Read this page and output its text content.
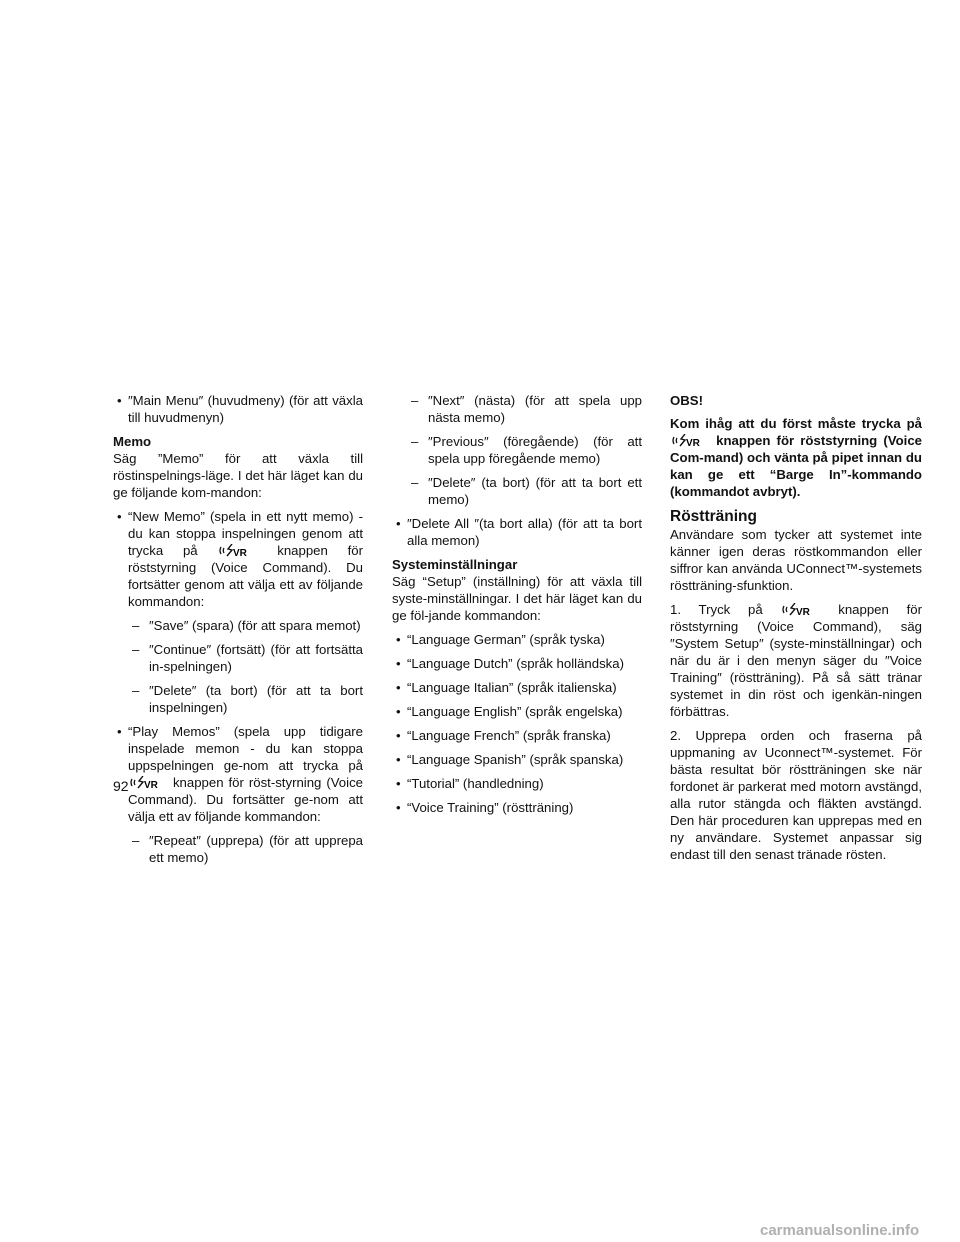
• ″Main Menu″ (huvudmeny) (för att växla till huvudmenyn)

Memo

Säg ”Memo” för att växla till röstinspelnings-läge. I det här läget kan du ge följande kom-mandon:

• “New Memo” (spela in ett nytt memo) - du kan stoppa inspelningen genom att trycka på	VR knappen för röststyrning (Voice Command). Du fortsätter genom att välja ett av följande kommandon:
– ″Save″ (spara) (för att spara memot)
– ″Continue″ (fortsätt) (för att fortsätta in-spelningen)
– ″Delete″ (ta bort) (för att ta bort inspelningen)
• “Play Memos” (spela upp tidigare inspelade memon - du kan stoppa uppspelningen ge-nom att trycka på
VR knappen för röst-styrning (Voice Command). Du fortsätter ge-nom att välja ett av följande kommandon:
– ″Repeat″ (upprepa) (för att upprepa ett memo)
– ″Next″ (nästa) (för att spela upp nästa memo)
– ″Previous″ (föregående) (för att spela upp föregående memo)
– ″Delete″ (ta bort) (för att ta bort ett memo)
• ″Delete All ″(ta bort alla) (för att ta bort alla memon)

Systeminställningar

Säg “Setup” (inställning) för att växla till syste-minställningar. I det här läget kan du ge föl-jande kommandon:

• “Language German” (språk tyska)
• “Language Dutch” (språk holländska)
• “Language Italian” (språk italienska)
• “Language English” (språk engelska)
• “Language French” (språk franska)
• “Language Spanish” (språk spanska)
• “Tutorial” (handledning)
• “Voice Training” (röstträning)

OBS!

Kom ihåg att du först måste trycka på
VR knappen för röststyrning (Voice Com-mand) och vänta på pipet innan du kan ge ett “Barge In”-kommando (kommandot avbryt).

Röstträning

Användare som tycker att systemet inte känner igen deras röstkommandon eller siffror kan använda UConnect™-systemets röstträning-sfunktion.

1. Tryck på	VR knappen för röststyrning (Voice Command), säg ″System Setup″ (syste-minställningar) och när du är i den menyn säger du ″Voice Training″ (röstträning). På så sätt tränar systemet in din röst och igenkän-ningen förbättras.

2. Upprepa orden och fraserna på uppmaning av Uconnect™-systemet. För bästa resultat bör röstträningen ske när fordonet är parkerat med motorn avstängd, alla rutor stängda och fläkten avstängd. Den här proceduren kan upprepas med en ny användare. Systemet anpassar sig endast till den senast tränade rösten.

92
carmanualsonline.info
